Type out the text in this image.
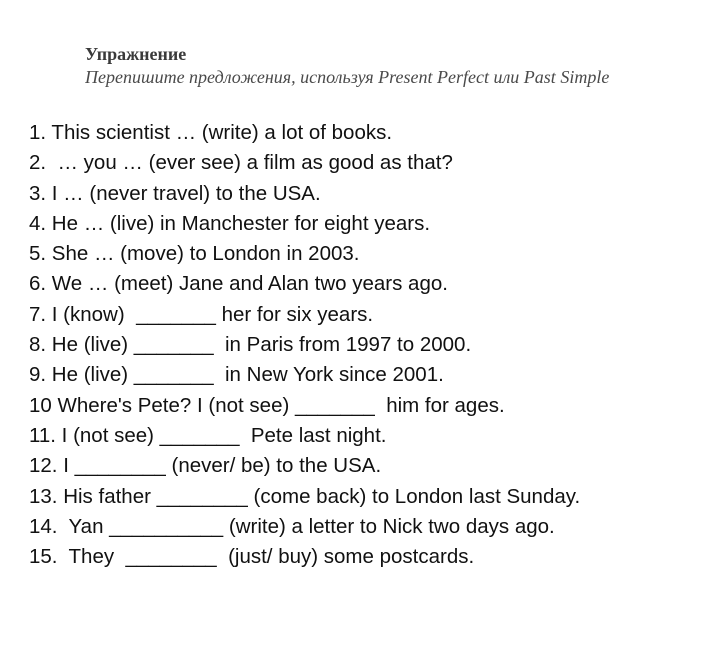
Упражнение
Перепишите предложения, используя Present Perfect или Past Simple
1. This scientist … (write) a lot of books.
2.  … you … (ever see) a film as good as that?
3. I … (never travel) to the USA.
4. He … (live) in Manchester for eight years.
5. She … (move) to London in 2003.
6. We … (meet) Jane and Alan two years ago.
7. I (know)  _______ her for six years.
8. He (live) _______  in Paris from 1997 to 2000.
9. He (live) _______  in New York since 2001.
10 Where's Pete? I (not see) _______  him for ages.
11. I (not see) _______  Pete last night.
12. I ________ (never/ be) to the USA.
13. His father ________ (come back) to London last Sunday.
14.  Yan __________ (write) a letter to Nick two days ago.
15.  They  ________  (just/ buy) some postcards.
